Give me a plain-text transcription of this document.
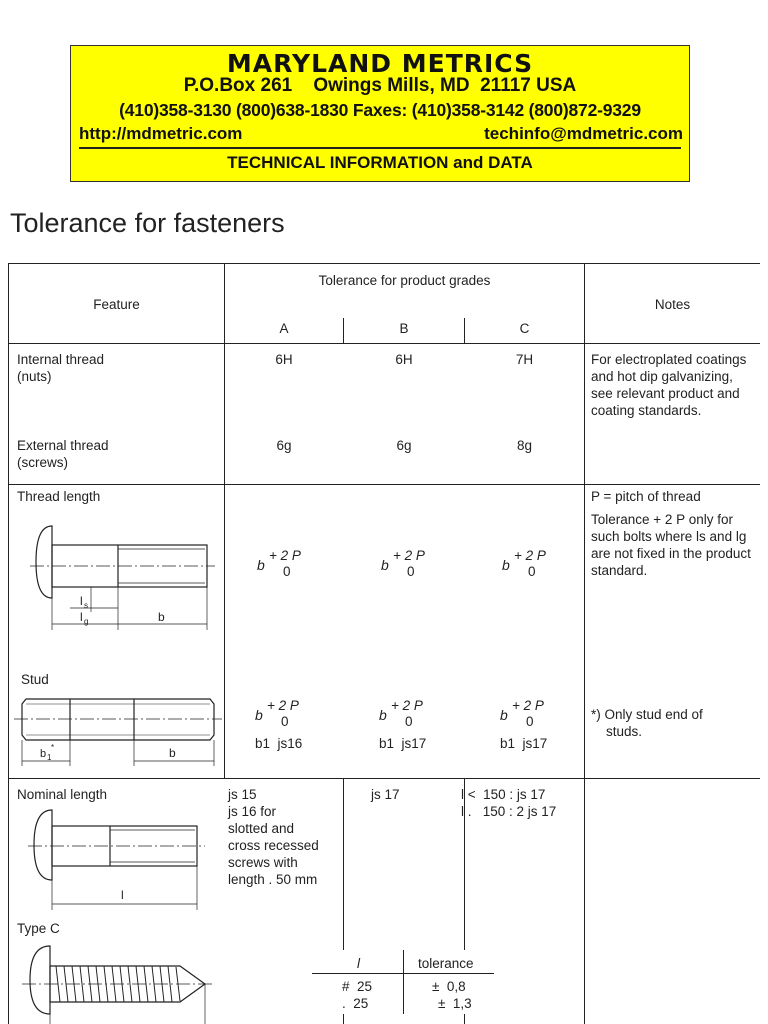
MARYLAND METRICS
P.O.Box 261    Owings Mills, MD  21117 USA
(410)358-3130 (800)638-1830 Faxes: (410)358-3142 (800)872-9329
http://mdmetric.com	techinfo@mdmetric.com
TECHNICAL INFORMATION and DATA
Tolerance for fasteners
Feature
Tolerance for product grades
A	B	C
Notes
Internal thread
(nuts)
6H	6H	7H	For electroplated coatings and hot dip galvanizing, see relevant product and coating standards.
External thread
(screws)
6g	6g	8g
Thread length
b
+ 2 P
0	b
+ 2 P
0	b
+ 2 P
0
P = pitch of thread
Tolerance + 2 P only for such bolts where ls and lg are not fixed in the product standard.
Stud
b
+ 2 P
0	b
+ 2 P
0	b
+ 2 P
0
b1  js16	b1  js17	b1  js17
*) Only stud end of
studs.
Nominal length	js 15
js 16 for
slotted and
cross recessed
screws with
length . 50 mm
js 17	l <  150 : js 17
l .   150 : 2 js 17
Type C
l	tolerance
#  25	±  0,8
.  25	±  1,3
l s
l g	b
b 1
*	b
l
